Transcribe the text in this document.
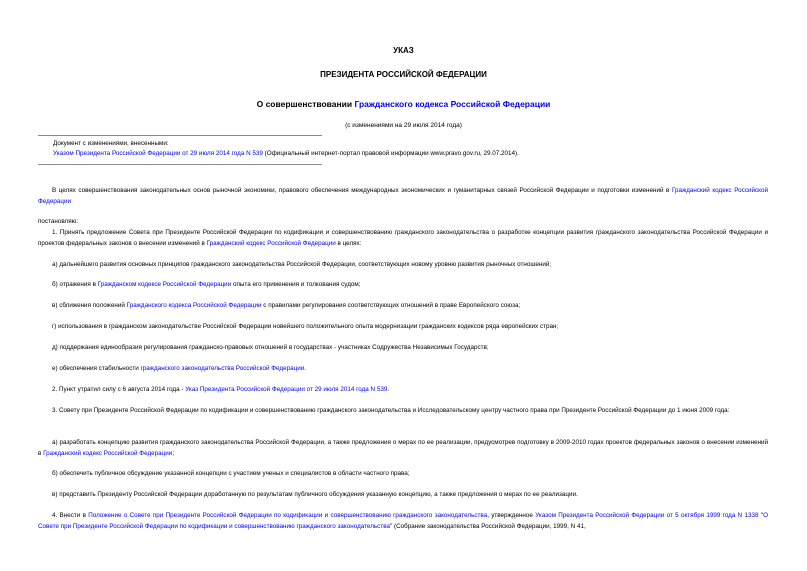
УКАЗ
ПРЕЗИДЕНТА РОССИЙСКОЙ ФЕДЕРАЦИИ
О совершенствовании Гражданского кодекса Российской Федерации
(с изменениями на 29 июля 2014 года)
Документ с изменениями, внесенными:
Указом Президента Российской Федерации от 29 июля 2014 года N 539 (Официальный интернет-портал правовой информации www.pravo.gov.ru, 29.07.2014).
В целях совершенствования законодательных основ рыночной экономики, правового обеспечения международных экономических и гуманитарных связей Российской Федерации и подготовки изменений в Гражданский кодекс Российской Федерации
постановляю:
1. Принять предложение Совета при Президенте Российской Федерации по кодификации и совершенствованию гражданского законодательства о разработке концепции развития гражданского законодательства Российской Федерации и проектов федеральных законов о внесении изменений в Гражданский кодекс Российской Федерации в целях:
а) дальнейшего развития основных принципов гражданского законодательства Российской Федерации, соответствующих новому уровню развития рыночных отношений;
б) отражения в Гражданском кодексе Российской Федерации опыта его применения и толкования судом;
в) сближения положений Гражданского кодекса Российской Федерации с правилами регулирования соответствующих отношений в праве Европейского союза;
г) использования в гражданском законодательстве Российской Федерации новейшего положительного опыта модернизации гражданских кодексов ряда европейских стран;
д) поддержания единообразия регулирования гражданско-правовых отношений в государствах - участниках Содружества Независимых Государств;
е) обеспечения стабильности гражданского законодательства Российской Федерации.
2. Пункт утратил силу с 6 августа 2014 года - Указ Президента Российской Федерации от 29 июля 2014 года N 539.
3. Совету при Президенте Российской Федерации по кодификации и совершенствованию гражданского законодательства и Исследовательскому центру частного права при Президенте Российской Федерации до 1 июня 2009 года:
а) разработать концепцию развития гражданского законодательства Российской Федерации, а также предложения о мерах по ее реализации, предусмотрев подготовку в 2009-2010 годах проектов федеральных законов о внесении изменений в Гражданский кодекс Российской Федерации;
б) обеспечить публичное обсуждение указанной концепции с участием ученых и специалистов в области частного права;
в) представить Президенту Российской Федерации доработанную по результатам публичного обсуждения указанную концепцию, а также предложения о мерах по ее реализации.
4. Внести в Положение о Совете при Президенте Российской Федерации по кодификации и совершенствованию гражданского законодательства, утвержденное Указом Президента Российской Федерации от 5 октября 1999 года N 1338 "О Совете при Президенте Российской Федерации по кодификации и совершенствованию гражданского законодательства" (Собрание законодательства Российской Федерации, 1999, N 41,
